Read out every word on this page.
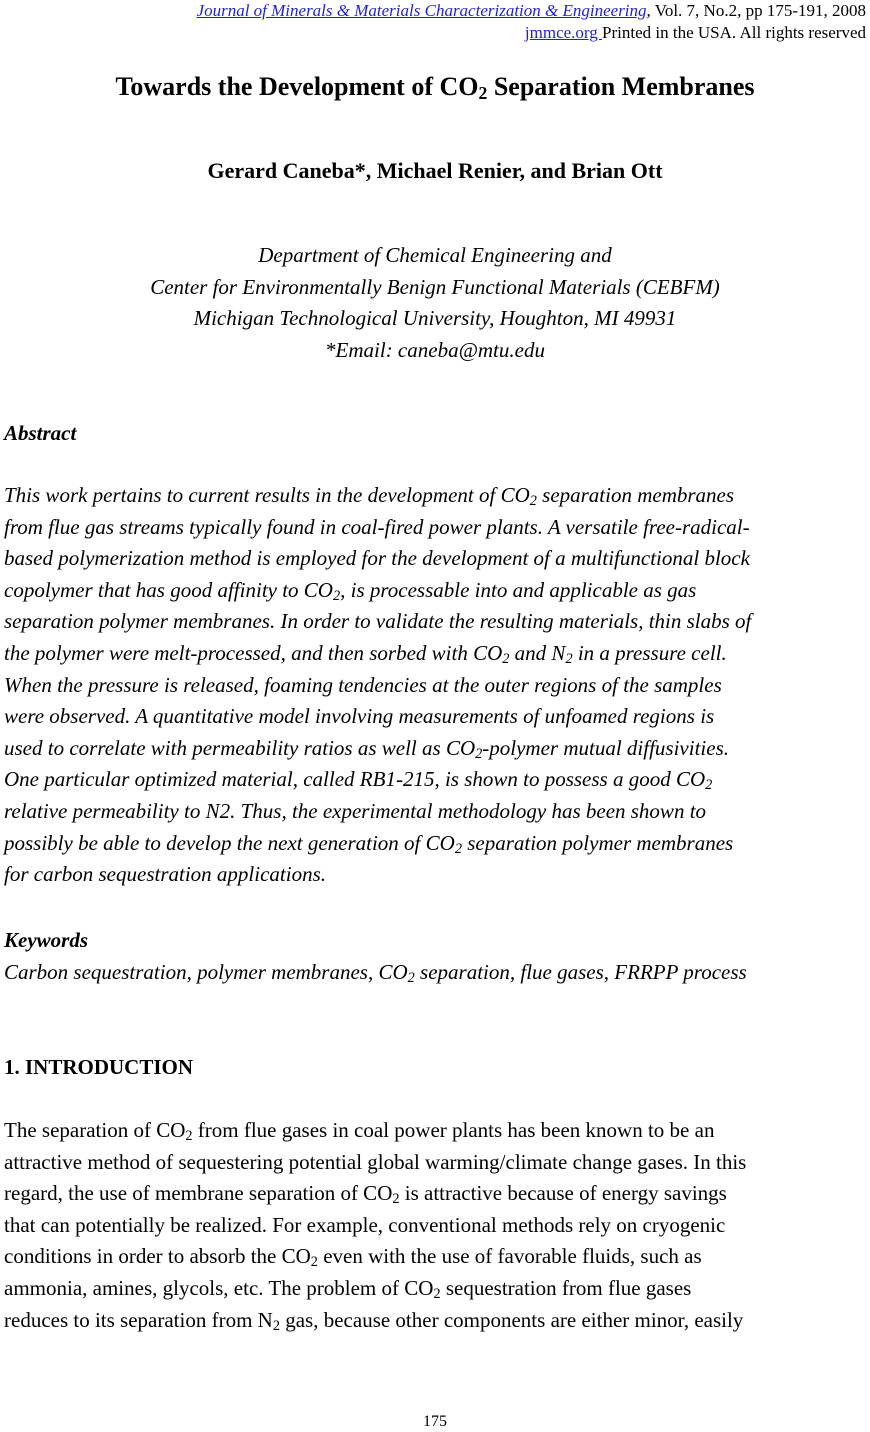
Journal of Minerals & Materials Characterization & Engineering, Vol. 7, No.2, pp 175-191, 2008
jmmce.org Printed in the USA. All rights reserved
Towards the Development of $CO_2$ Separation Membranes
Gerard Caneba*, Michael Renier, and Brian Ott
Department of Chemical Engineering and
Center for Environmentally Benign Functional Materials (CEBFM)
Michigan Technological University, Houghton, MI 49931
*Email: caneba@mtu.edu
Abstract
This work pertains to current results in the development of $CO_2$ separation membranes
from flue gas streams typically found in coal-fired power plants. A versatile free-radical-
based polymerization method is employed for the development of a multifunctional block
copolymer that has good affinity to $CO_2$, is processable into and applicable as gas
separation polymer membranes. In order to validate the resulting materials, thin slabs of
the polymer were melt-processed, and then sorbed with $CO_2$ and $N_2$ in a pressure cell.
When the pressure is released, foaming tendencies at the outer regions of the samples
were observed. A quantitative model involving measurements of unfoamed regions is
used to correlate with permeability ratios as well as $CO_2$-polymer mutual diffusivities.
One particular optimized material, called RB1-215, is shown to possess a good $CO_2$
relative permeability to N2. Thus, the experimental methodology has been shown to
possibly be able to develop the next generation of $CO_2$ separation polymer membranes
for carbon sequestration applications.
Keywords
Carbon sequestration, polymer membranes, $CO_2$ separation, flue gases, FRRPP process
1. INTRODUCTION
The separation of $CO_2$ from flue gases in coal power plants has been known to be an
attractive method of sequestering potential global warming/climate change gases. In this
regard, the use of membrane separation of $CO_2$ is attractive because of energy savings
that can potentially be realized. For example, conventional methods rely on cryogenic
conditions in order to absorb the $CO_2$ even with the use of favorable fluids, such as
ammonia, amines, glycols, etc. The problem of $CO_2$ sequestration from flue gases
reduces to its separation from $N_2$ gas, because other components are either minor, easily
175
